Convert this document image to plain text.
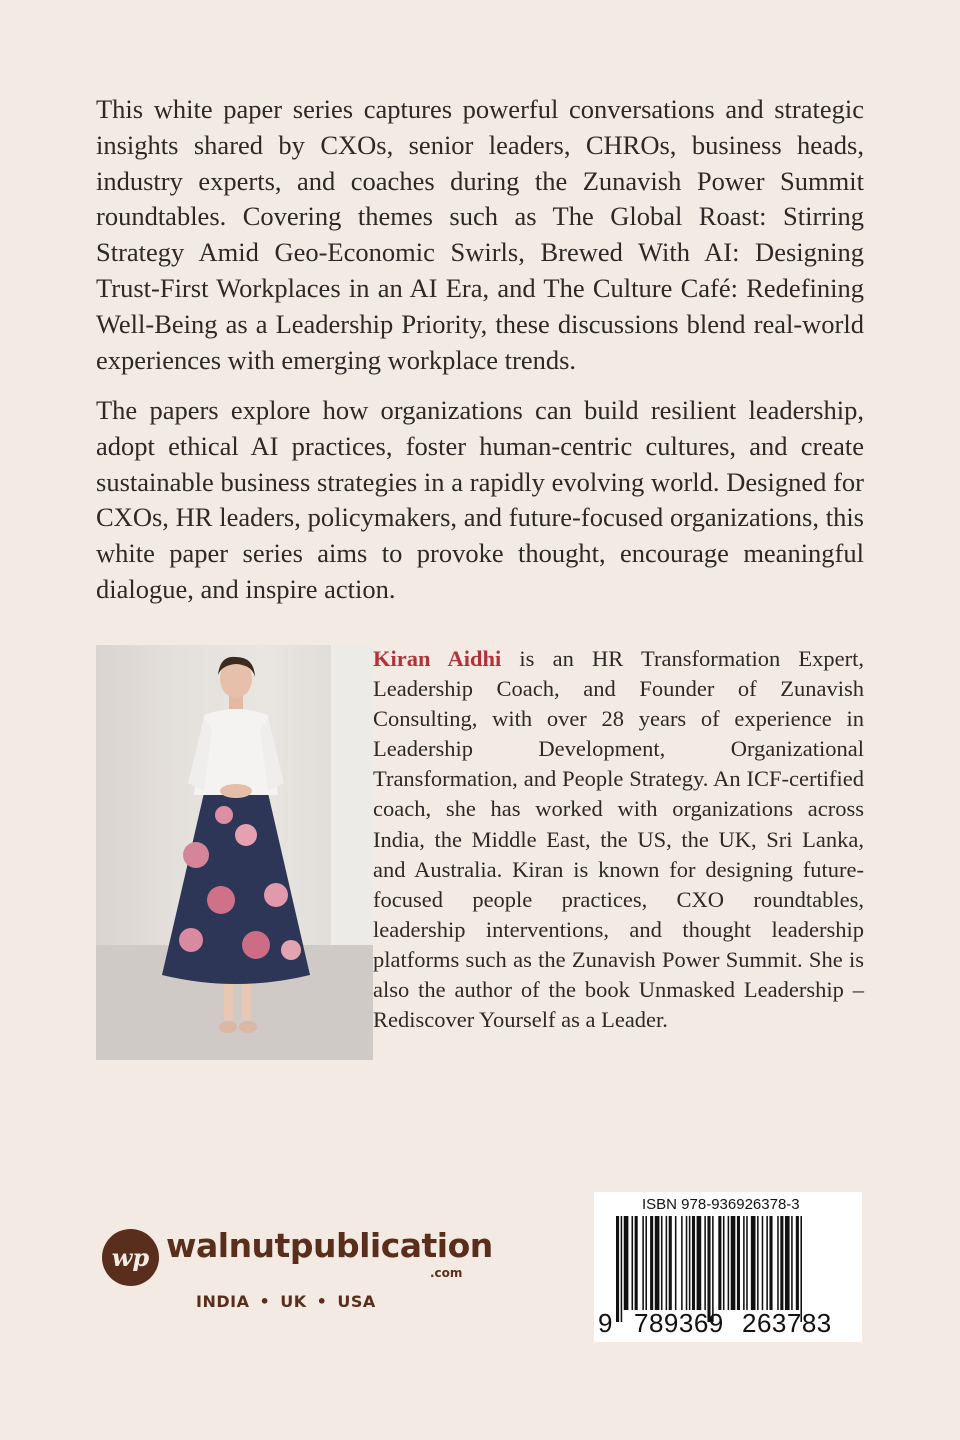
This white paper series captures powerful conversations and strategic insights shared by CXOs, senior leaders, CHROs, business heads, industry experts, and coaches during the Zunavish Power Summit roundtables. Covering themes such as The Global Roast: Stirring Strategy Amid Geo-Economic Swirls, Brewed With AI: Designing Trust-First Workplaces in an AI Era, and The Culture Café: Redefining Well-Being as a Leadership Priority, these discussions blend real-world experiences with emerging workplace trends.

The papers explore how organizations can build resilient leadership, adopt ethical AI practices, foster human-centric cultures, and create sustainable business strategies in a rapidly evolving world. Designed for CXOs, HR leaders, policymakers, and future-focused organizations, this white paper series aims to provoke thought, encourage meaningful dialogue, and inspire action.

Kiran Aidhi is an HR Transformation Expert, Leadership Coach, and Founder of Zunavish Consulting, with over 28 years of experience in Leadership Development, Organizational Transformation, and People Strategy. An ICF-certified coach, she has worked with organizations across India, the Middle East, the US, the UK, Sri Lanka, and Australia. Kiran is known for designing future-focused people practices, CXO roundtables, leadership interventions, and thought leadership platforms such as the Zunavish Power Summit. She is also the author of the book Unmasked Leadership – Rediscover Yourself as a Leader.

wp walnutpublication
.com
INDIA • UK • USA
ISBN 978-936926378-3
9 789369 263783
